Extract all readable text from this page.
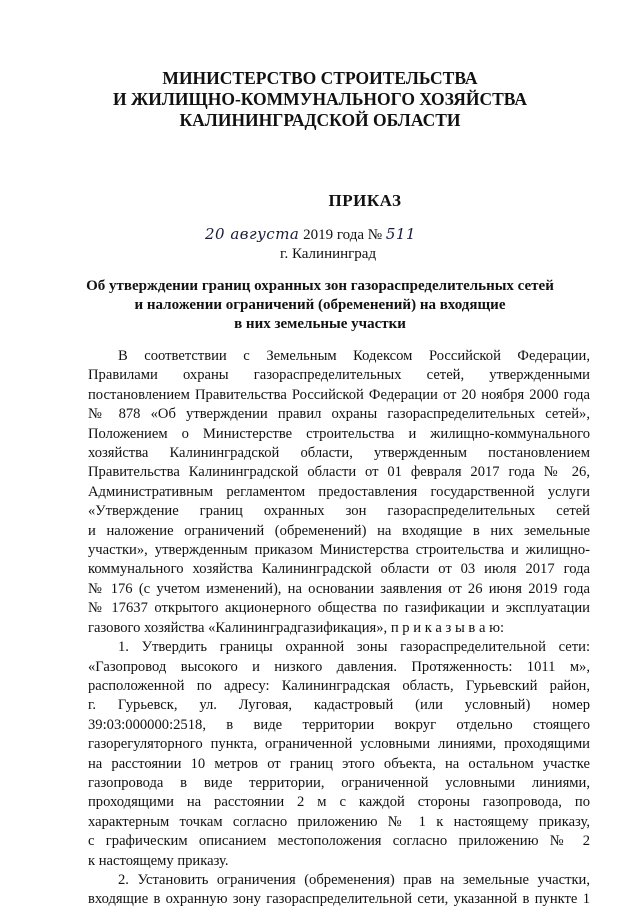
МИНИСТЕРСТВО СТРОИТЕЛЬСТВА
И ЖИЛИЩНО-КОММУНАЛЬНОГО ХОЗЯЙСТВА
КАЛИНИНГРАДСКОЙ ОБЛАСТИ
ПРИКАЗ
20 августа 2019 года № 511
г. Калининград
Об утверждении границ охранных зон газораспределительных сетей
и наложении ограничений (обременений) на входящие
в них земельные участки
В соответствии с Земельным Кодексом Российской Федерации,
Правилами охраны газораспределительных сетей, утвержденными
постановлением Правительства Российской Федерации от 20 ноября 2000 года
№ 878 «Об утверждении правил охраны газораспределительных сетей»,
Положением о Министерстве строительства и жилищно-коммунального
хозяйства Калининградской области, утвержденным постановлением
Правительства Калининградской области от 01 февраля 2017 года № 26,
Административным регламентом предоставления государственной услуги
«Утверждение границ охранных зон газораспределительных сетей
и наложение ограничений (обременений) на входящие в них земельные
участки», утвержденным приказом Министерства строительства и жилищно-
коммунального хозяйства Калининградской области от 03 июля 2017 года
№ 176 (с учетом изменений), на основании заявления от 26 июня 2019 года
№ 17637 открытого акционерного общества по газификации и эксплуатации
газового хозяйства «Калининградгазификация», п р и к а з ы в а ю:
1. Утвердить границы охранной зоны газораспределительной сети:
«Газопровод высокого и низкого давления. Протяженность: 1011 м»,
расположенной по адресу: Калининградская область, Гурьевский район,
г. Гурьевск, ул. Луговая, кадастровый (или условный) номер
39:03:000000:2518, в виде территории вокруг отдельно стоящего
газорегуляторного пункта, ограниченной условными линиями, проходящими
на расстоянии 10 метров от границ этого объекта, на остальном участке
газопровода в виде территории, ограниченной условными линиями,
проходящими на расстоянии 2 м с каждой стороны газопровода, по
характерным точкам согласно приложению № 1 к настоящему приказу,
с графическим описанием местоположения согласно приложению № 2
к настоящему приказу.
2. Установить ограничения (обременения) прав на земельные участки,
входящие в охранную зону газораспределительной сети, указанной в пункте 1
